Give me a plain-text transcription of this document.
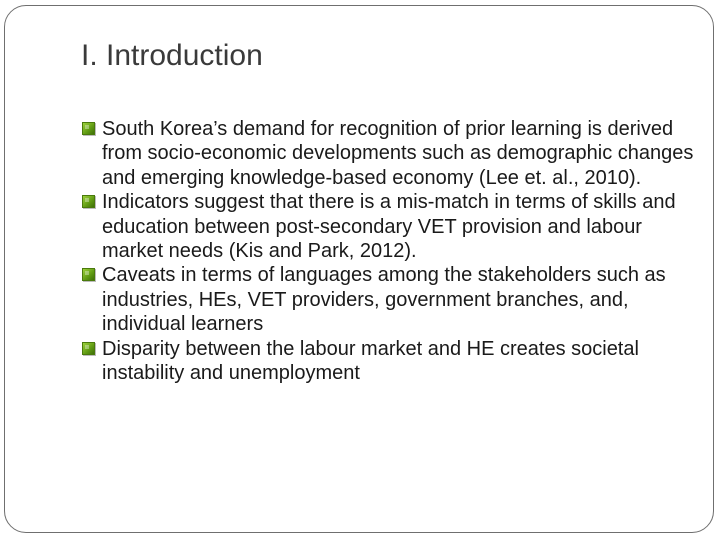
I. Introduction
South Korea’s demand for recognition of prior learning is derived from socio-economic developments such as demographic changes and emerging knowledge-based economy (Lee et. al., 2010).
Indicators suggest that there is a mis-match in terms of skills and education between post-secondary VET provision and labour market needs (Kis and Park, 2012).
Caveats in terms of languages among the stakeholders such as industries, HEs, VET providers, government branches, and, individual learners
Disparity between the labour market and HE creates societal instability and unemployment
